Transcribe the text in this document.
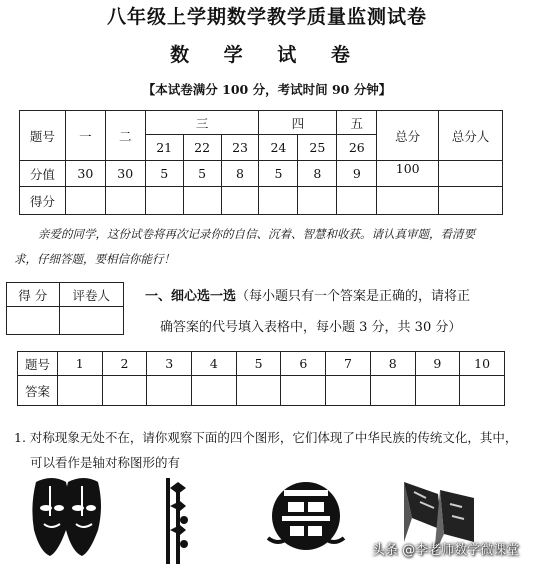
八年级上学期数学教学质量监测试卷
数 学 试 卷
【本试卷满分 100 分，考试时间 90 分钟】
题号	一	二	三			四		五	总分	总分人
			21	22	23	24	25	26		
分值	30	30	5	5	8	5	8	9	100	
得分										
亲爱的同学，这份试卷将再次记录你的自信、沉着、智慧和收获。请认真审题，看清要
求，仔细答题，要相信你能行！
得 分	评卷人
		一、细心选一选（每小题只有一个答案是正确的，请将正
确答案的代号填入表格中，每小题 3 分，共 30 分）
题号	1	2	3	4	5	6	7	8	9	10
答案										
1. 对称现象无处不在，请你观察下面的四个图形，它们体现了中华民族的传统文化，其中，
可以看作是轴对称图形的有
头条 @李老师数学微课堂
